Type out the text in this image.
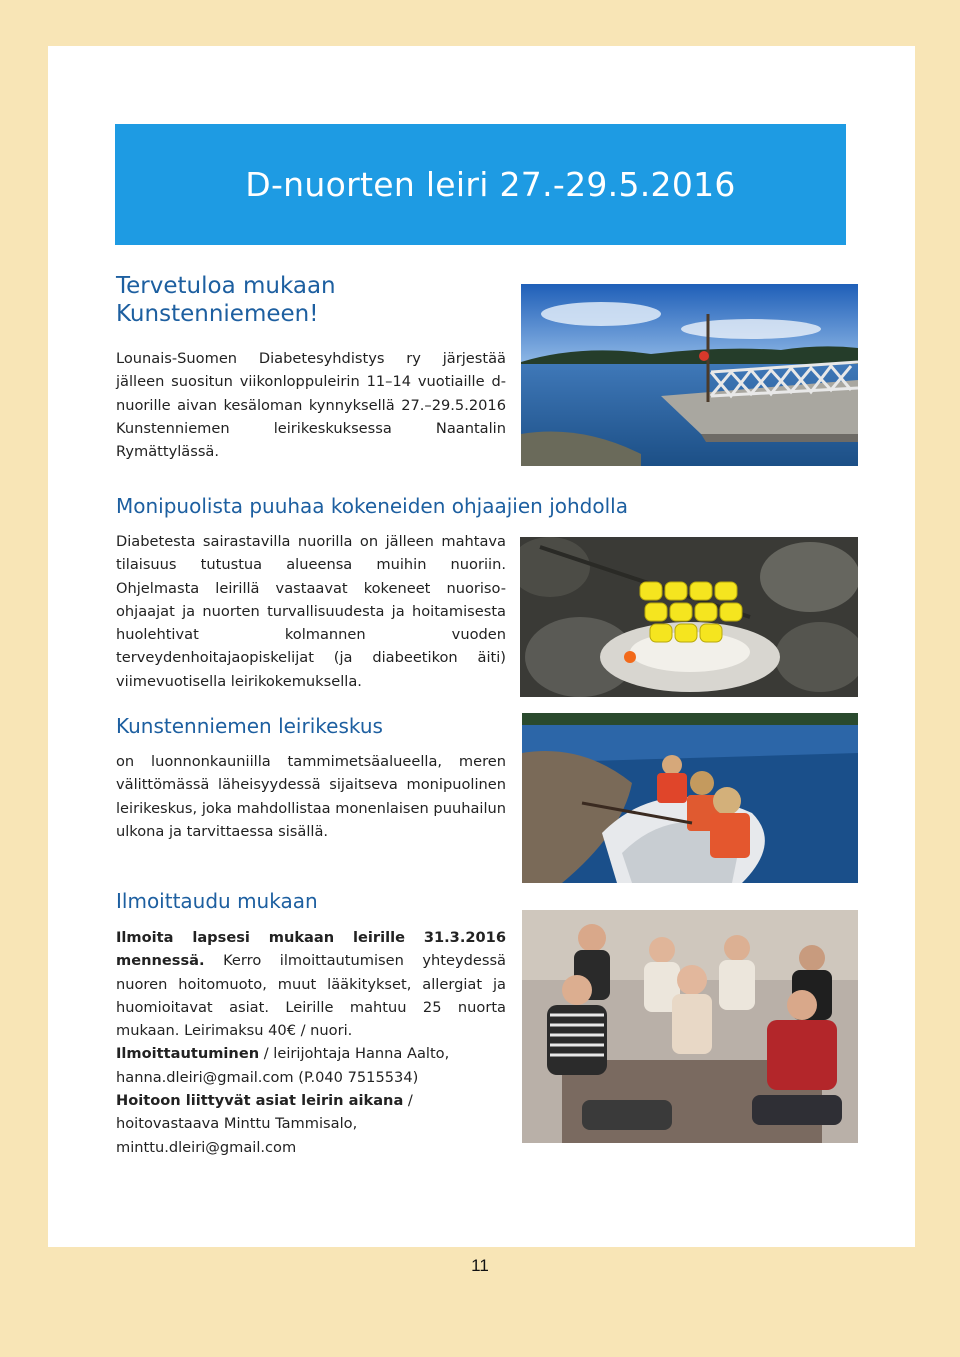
D-nuorten leiri 27.-29.5.2016
Tervetuloa mukaan
Kunstenniemeen!

Lounais-Suomen Diabetesyhdistys ry järjestää jälleen suositun viikonloppuleirin 11–14 vuotiaille d-nuorille aivan kesäloman kynnyksellä 27.–29.5.2016 Kunstenniemen leirikeskuksessa Naantalin Rymättylässä.

Monipuolista puuhaa kokeneiden ohjaajien johdolla

Diabetesta sairastavilla nuorilla on jälleen mahtava tilaisuus tutustua alueensa muihin nuoriin. Ohjelmasta leirillä vastaavat kokeneet nuoriso-ohjaajat ja nuorten turvallisuudesta ja hoitamisesta huolehtivat kolmannen vuoden terveydenhoitajaopiskelijat (ja diabeetikon äiti) viimevuotisella leirikokemuksella.

Kunstenniemen leirikeskus

on luonnonkauniilla tammimetsäalueella, meren välittömässä läheisyydessä sijaitseva monipuolinen leirikeskus, joka mahdollistaa monenlaisen puuhailun ulkona ja tarvittaessa sisällä.

Ilmoittaudu mukaan

Ilmoita lapsesi mukaan leirille 31.3.2016 mennessä. Kerro ilmoittautumisen yhteydessä nuoren hoitomuoto, muut lääkitykset, allergiat ja huomioitavat asiat. Leirille mahtuu 25 nuorta mukaan. Leirimaksu 40€ / nuori.

Ilmoittautuminen / leirijohtaja Hanna Aalto,

hanna.dleiri@gmail.com (P.040 7515534)

Hoitoon liittyvät asiat leirin aikana /

hoitovastaava Minttu Tammisalo,

minttu.dleiri@gmail.com

11
